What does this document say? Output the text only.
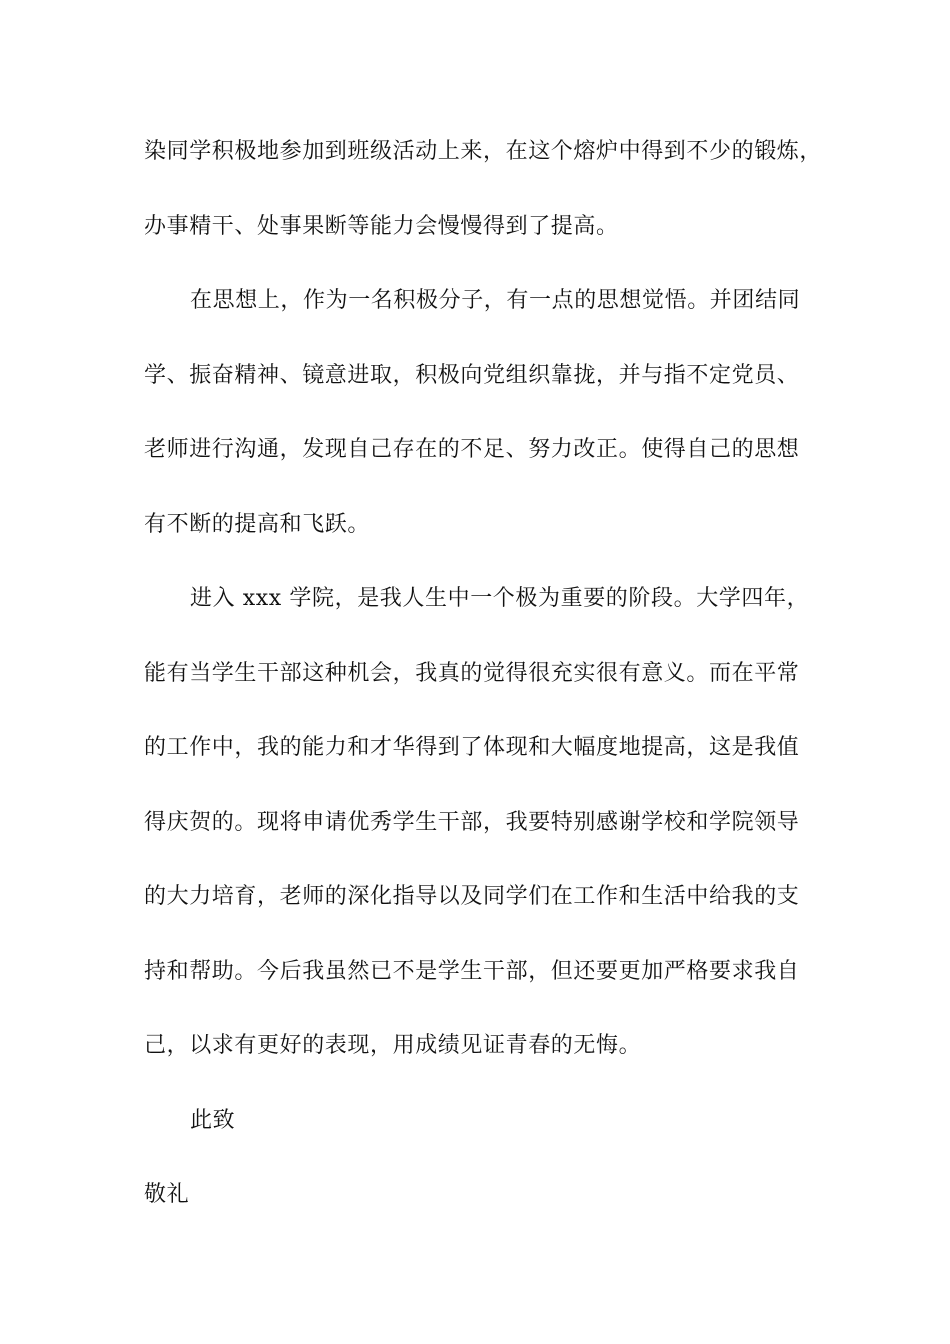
染同学积极地参加到班级活动上来，在这个熔炉中得到不少的锻炼，
办事精干、处事果断等能力会慢慢得到了提高。
在思想上，作为一名积极分子，有一点的思想觉悟。并团结同
学、振奋精神、镜意进取，积极向党组织靠拢，并与指不定党员、
老师进行沟通，发现自己存在的不足、努力改正。使得自己的思想
有不断的提高和飞跃。
进入 xxx 学院，是我人生中一个极为重要的阶段。大学四年，
能有当学生干部这种机会，我真的觉得很充实很有意义。而在平常
的工作中，我的能力和才华得到了体现和大幅度地提高，这是我值
得庆贺的。现将申请优秀学生干部，我要特别感谢学校和学院领导
的大力培育，老师的深化指导以及同学们在工作和生活中给我的支
持和帮助。今后我虽然已不是学生干部，但还要更加严格要求我自
己，以求有更好的表现，用成绩见证青春的无悔。
此致
敬礼
